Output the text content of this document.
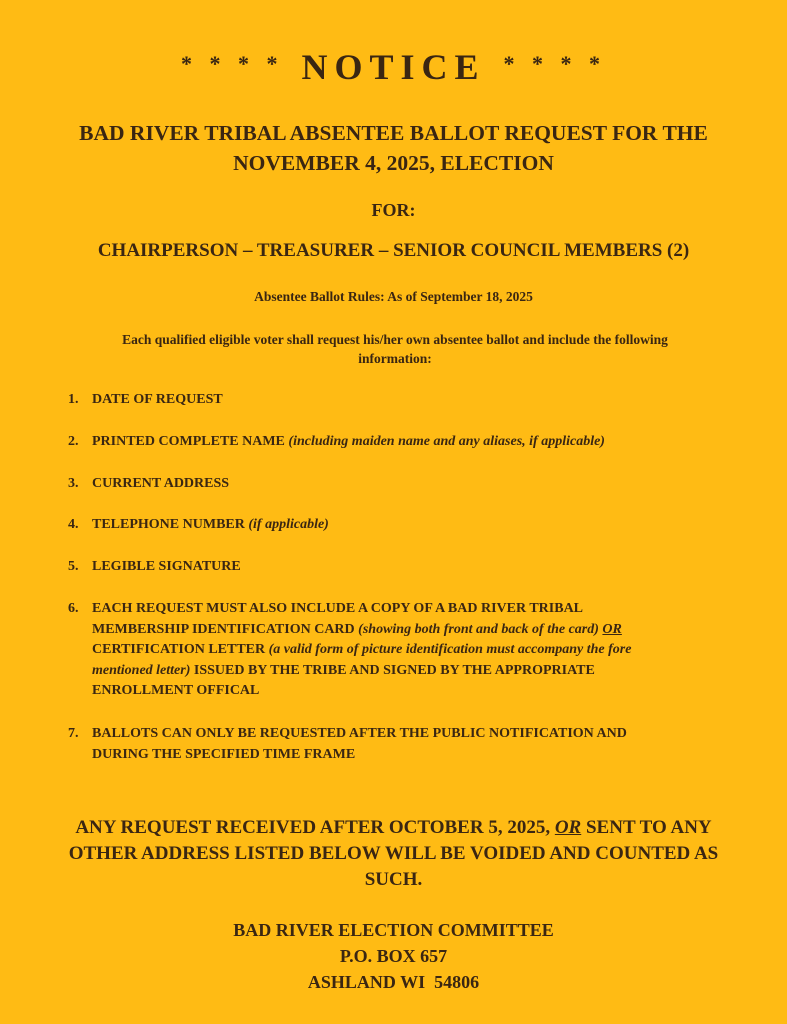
* * * * NOTICE * * * *
BAD RIVER TRIBAL ABSENTEE BALLOT REQUEST FOR THE
NOVEMBER 4, 2025, ELECTION
FOR:
CHAIRPERSON – TREASURER – SENIOR COUNCIL MEMBERS (2)
Absentee Ballot Rules: As of September 18, 2025
Each qualified eligible voter shall request his/her own absentee ballot and include the following
information:
1. DATE OF REQUEST
2. PRINTED COMPLETE NAME (including maiden name and any aliases, if applicable)
3. CURRENT ADDRESS
4. TELEPHONE NUMBER (if applicable)
5. LEGIBLE SIGNATURE
6. EACH REQUEST MUST ALSO INCLUDE A COPY OF A BAD RIVER TRIBAL
MEMBERSHIP IDENTIFICATION CARD (showing both front and back of the card) OR
CERTIFICATION LETTER (a valid form of picture identification must accompany the fore
mentioned letter) ISSUED BY THE TRIBE AND SIGNED BY THE APPROPRIATE
ENROLLMENT OFFICAL
7. BALLOTS CAN ONLY BE REQUESTED AFTER THE PUBLIC NOTIFICATION AND
DURING THE SPECIFIED TIME FRAME
ANY REQUEST RECEIVED AFTER OCTOBER 5, 2025, OR SENT TO ANY
OTHER ADDRESS LISTED BELOW WILL BE VOIDED AND COUNTED AS
SUCH.
BAD RIVER ELECTION COMMITTEE
P.O. BOX 657
ASHLAND WI  54806
